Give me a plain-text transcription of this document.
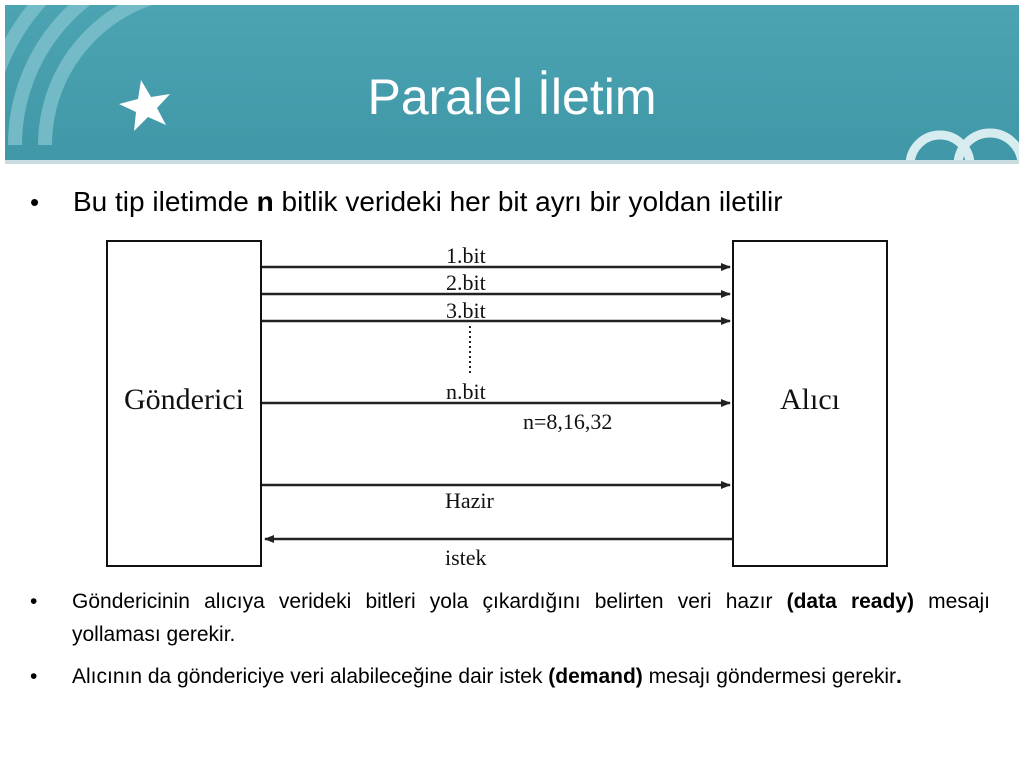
Paralel İletim
• Bu tip iletimde n bitlik verideki her bit ayrı bir yoldan iletilir
Gönderici	Alıcı
1.bit
2.bit
3.bit
n.bit
n=8,16,32
Hazir
istek
• Göndericinin alıcıya verideki bitleri yola çıkardığını belirten veri hazır (data ready) mesajı yollaması gerekir.
• Alıcının da göndericiye veri alabileceğine dair istek (demand) mesajı göndermesi gerekir.
